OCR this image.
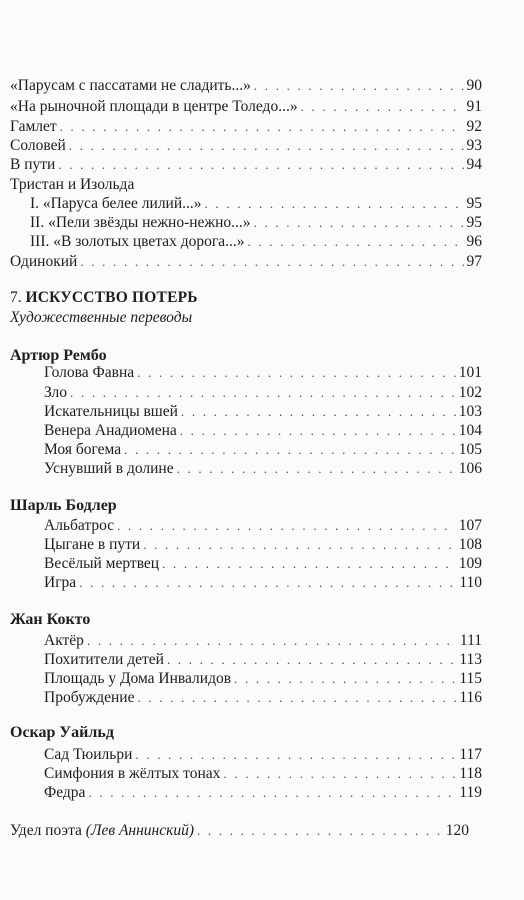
«Парусам с пассатами не сладить...» . . .	90
«На рыночной площади в центре Толедо...» . . .	91
Гамлет . . .	92
Соловей . . .	93
В пути . . .	94
Тристан и Изольда
I. «Паруса белее лилий...» . . .	95
II. «Пели звёзды нежно-нежно...» . . .	95
III. «В золотых цветах дорога...» . . .	96
Одинокий . . .	97
7. ИСКУССТВО ПОТЕРЬ
Художественные переводы
Артюр Рембо
Голова Фавна . . .	101
Зло . . .	102
Искательницы вшей . . .	103
Венера Анадиомена . . .	104
Моя богема . . .	105
Уснувший в долине . . .	106
Шарль Бодлер
Альбатрос . . .	107
Цыгане в пути . . .	108
Весёлый мертвец . . .	109
Игра . . .	110
Жан Кокто
Актёр . . .	111
Похитители детей . . .	113
Площадь у Дома Инвалидов . . .	115
Пробуждение . . .	116
Оскар Уайльд
Сад Тюильри . . .	117
Симфония в жёлтых тонах . . .	118
Федра . . .	119
Удел поэта (Лев Аннинский) . . .	120
